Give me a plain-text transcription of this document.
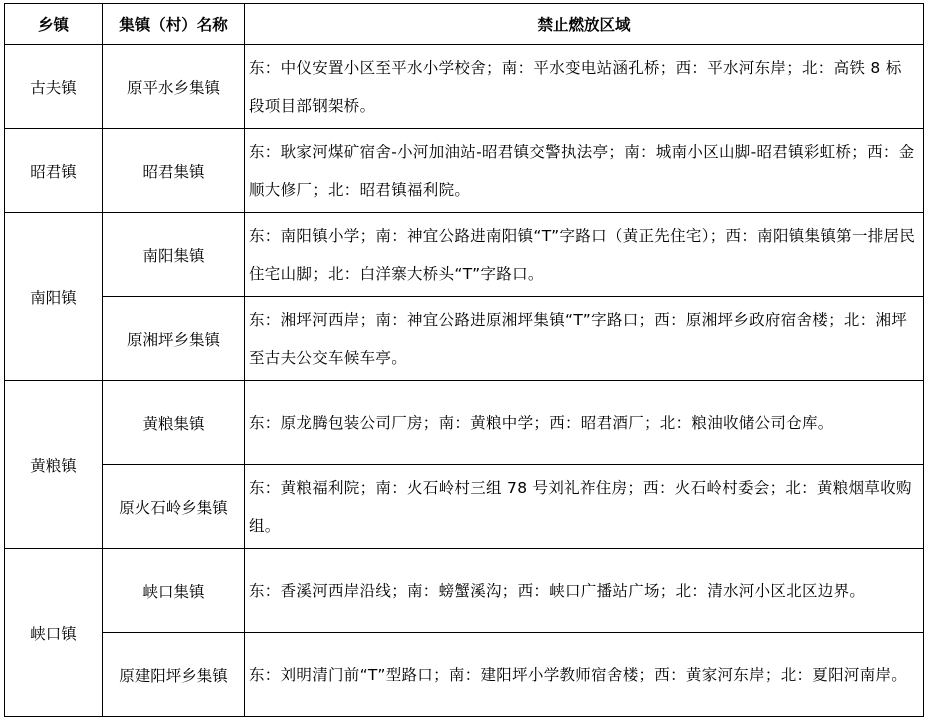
乡镇	集镇（村）名称	禁止燃放区域
古夫镇	原平水乡集镇	东：中仪安置小区至平水小学校舍；南：平水变电站涵孔桥；西：平水河东岸；北：高铁 8 标段项目部钢架桥。
昭君镇	昭君集镇	东：耿家河煤矿宿舍-小河加油站-昭君镇交警执法亭；南：城南小区山脚-昭君镇彩虹桥；西：金顺大修厂；北：昭君镇福利院。
南阳镇	南阳集镇	东：南阳镇小学；南：神宜公路进南阳镇“T”字路口（黄正先住宅）；西：南阳镇集镇第一排居民住宅山脚；北：白洋寨大桥头“T”字路口。
	原湘坪乡集镇	东：湘坪河西岸；南：神宜公路进原湘坪集镇“T”字路口；西：原湘坪乡政府宿舍楼；北：湘坪至古夫公交车候车亭。
黄粮镇	黄粮集镇	东：原龙腾包装公司厂房；南：黄粮中学；西：昭君酒厂；北：粮油收储公司仓库。
	原火石岭乡集镇	东：黄粮福利院；南：火石岭村三组 78 号刘礼祚住房；西：火石岭村委会；北：黄粮烟草收购组。
峡口镇	峡口集镇	东：香溪河西岸沿线；南：螃蟹溪沟；西：峡口广播站广场；北：清水河小区北区边界。
	原建阳坪乡集镇	东：刘明清门前“T”型路口；南：建阳坪小学教师宿舍楼；西：黄家河东岸；北：夏阳河南岸。
